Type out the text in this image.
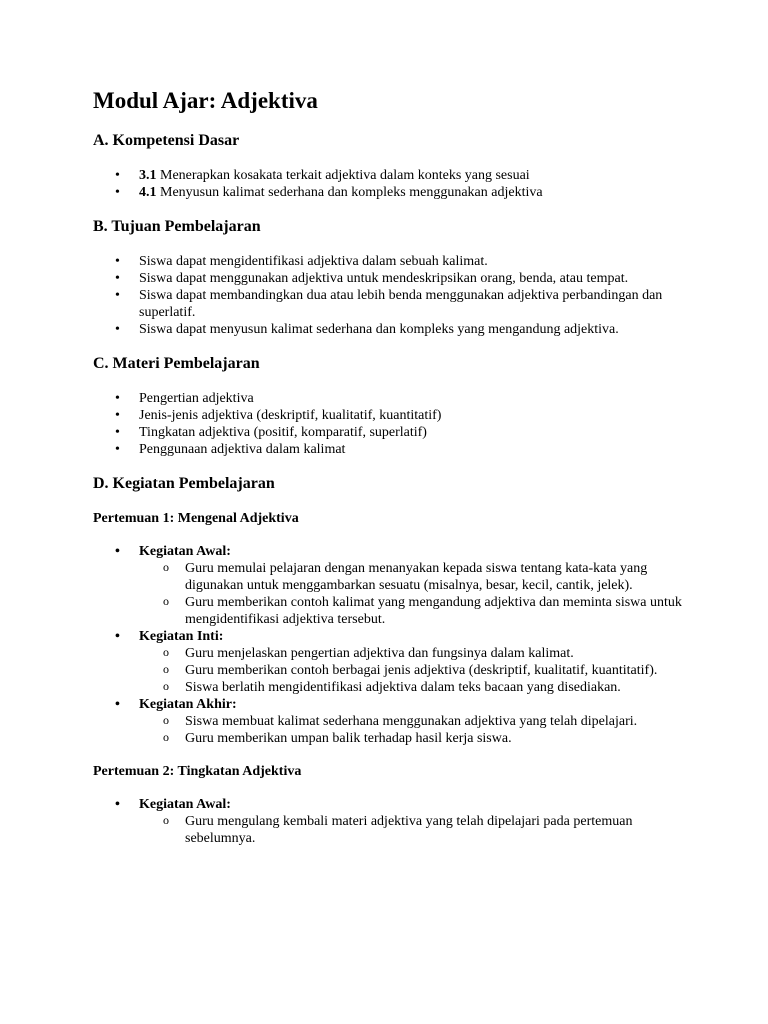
Modul Ajar: Adjektiva
A. Kompetensi Dasar
• 3.1 Menerapkan kosakata terkait adjektiva dalam konteks yang sesuai
• 4.1 Menyusun kalimat sederhana dan kompleks menggunakan adjektiva
B. Tujuan Pembelajaran
• Siswa dapat mengidentifikasi adjektiva dalam sebuah kalimat.
• Siswa dapat menggunakan adjektiva untuk mendeskripsikan orang, benda, atau tempat.
• Siswa dapat membandingkan dua atau lebih benda menggunakan adjektiva perbandingan dan superlatif.
• Siswa dapat menyusun kalimat sederhana dan kompleks yang mengandung adjektiva.
C. Materi Pembelajaran
• Pengertian adjektiva
• Jenis-jenis adjektiva (deskriptif, kualitatif, kuantitatif)
• Tingkatan adjektiva (positif, komparatif, superlatif)
• Penggunaan adjektiva dalam kalimat
D. Kegiatan Pembelajaran
Pertemuan 1: Mengenal Adjektiva
• Kegiatan Awal:
o Guru memulai pelajaran dengan menanyakan kepada siswa tentang kata-kata yang digunakan untuk menggambarkan sesuatu (misalnya, besar, kecil, cantik, jelek).
o Guru memberikan contoh kalimat yang mengandung adjektiva dan meminta siswa untuk mengidentifikasi adjektiva tersebut.
• Kegiatan Inti:
o Guru menjelaskan pengertian adjektiva dan fungsinya dalam kalimat.
o Guru memberikan contoh berbagai jenis adjektiva (deskriptif, kualitatif, kuantitatif).
o Siswa berlatih mengidentifikasi adjektiva dalam teks bacaan yang disediakan.
• Kegiatan Akhir:
o Siswa membuat kalimat sederhana menggunakan adjektiva yang telah dipelajari.
o Guru memberikan umpan balik terhadap hasil kerja siswa.
Pertemuan 2: Tingkatan Adjektiva
• Kegiatan Awal:
o Guru mengulang kembali materi adjektiva yang telah dipelajari pada pertemuan sebelumnya.
